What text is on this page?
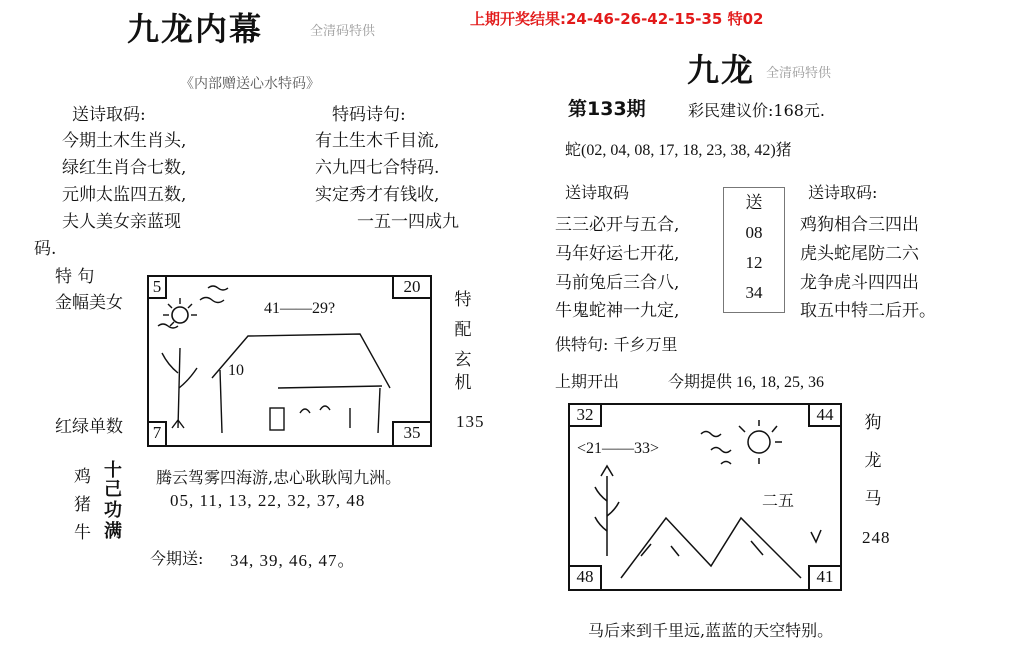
九龙内幕	全清码特供
《内部赠送心水特码》
送诗取码:	特码诗句:
今期土木生肖头,
绿红生肖合七数,
元帅太监四五数,
夫人美女亲蓝现
有土生木千目流,
六九四七合特码.
实定秀才有钱收,
一五一四成九
码.
特 句
金幅美女
红绿单数
5	20
7	35
41——29?
10
特
配
玄
机
135
鸡
猪
牛
十
己
功
满
腾云驾雾四海游,忠心耿耿闯九洲。
05, 11, 13, 22, 32, 37, 48
今期送: 34, 39, 46, 47。
上期开奖结果:24-46-26-42-15-35 特02
九龙 全清码特供
第133期	彩民建议价:168元.
蛇(02, 04, 08, 17, 18, 23, 38, 42)猪
送诗取码	送诗取码:
三三必开与五合,
马年好运七开花,
马前兔后三合八,
牛鬼蛇神一九定,
送
08
12
34
鸡狗相合三四出
虎头蛇尾防二六
龙争虎斗四四出
取五中特二后开。
供特句: 千乡万里
上期开出	今期提供 16, 18, 25, 36
32	44
48	41
<21——33>
二五
狗
龙
马
248
马后来到千里远,蓝蓝的天空特别。
